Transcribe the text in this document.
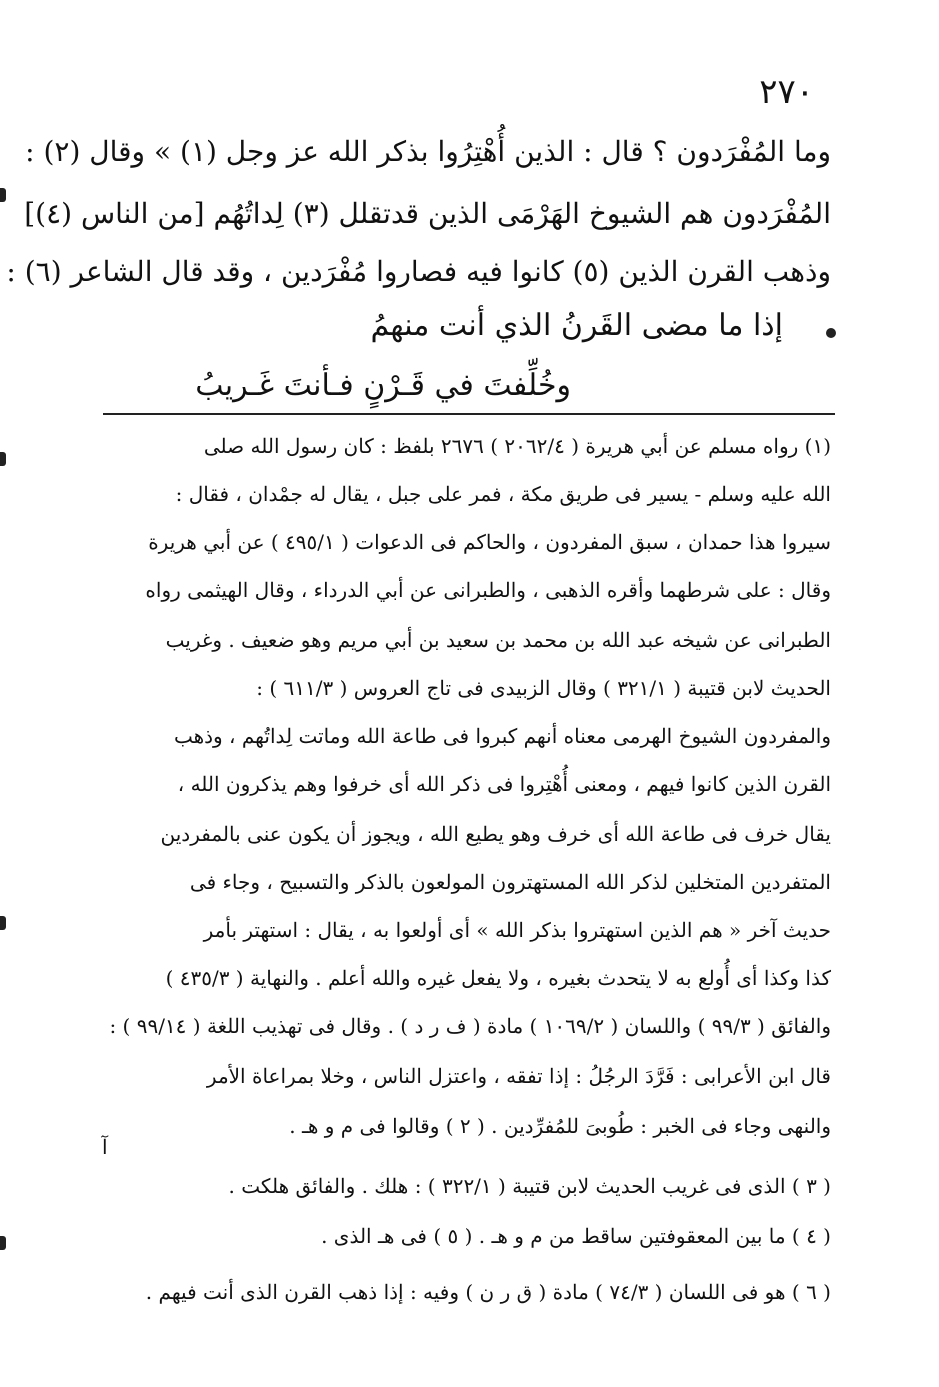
٢٧٠
وما المُفْرَدون ؟ قال : الذين أُهْتِرُوا بذكر الله عز وجل (١) » وقال (٢) :
المُفْرَدون هم الشيوخ الهَرْمَى الذين قدتقلل (٣) لِداتُهُم [من الناس (٤)]
وذهب القرن الذين (٥) كانوا فيه فصاروا مُفْرَدين ، وقد قال الشاعر (٦) :
إذا ما مضى القَرنُ الذي أنت منهمُ
وخُلِّفتَ في قَـرْنٍ فـأنتَ غَـريبُ
(١) رواه مسلم عن أبي هريرة ( ٢٠٦٢/٤ ) ٢٦٧٦ بلفظ : كان رسول الله صلى
الله عليه وسلم - يسير فى طريق مكة ، فمر على جبل ، يقال له جمْدان ، فقال :
سيروا هذا حمدان ، سبق المفردون ، والحاكم فى الدعوات ( ٤٩٥/١ ) عن أبي هريرة
وقال : على شرطهما وأقره الذهبى ، والطبرانى عن أبي الدرداء ، وقال الهيثمى رواه
الطبرانى عن شيخه عبد الله بن محمد بن سعيد بن أبي مريم وهو ضعيف . وغريب
الحديث لابن قتيبة ( ٣٢١/١ ) وقال الزبيدى فى تاج العروس ( ٦١١/٣ ) :
والمفردون الشيوخ الهرمى معناه أنهم كبروا فى طاعة الله وماتت لِداتُهم ، وذهب
القرن الذين كانوا فيهم ، ومعنى أُهْتِروا فى ذكر الله أى خرفوا وهم يذكرون الله ،
يقال خرف فى طاعة الله أى خرف وهو يطيع الله ، ويجوز أن يكون عنى بالمفردين
المتفردين المتخلين لذكر الله المستهترون المولعون بالذكر والتسبيح ، وجاء فى
حديث آخر « هم الذين استهتروا بذكر الله » أى أولعوا به ، يقال : استهتر بأمر
كذا وكذا أى أُولع به لا يتحدث بغيره ، ولا يفعل غيره والله أعلم . والنهاية ( ٤٣٥/٣ )
والفائق ( ٩٩/٣ ) واللسان ( ١٠٦٩/٢ ) مادة ( ف ر د ) . وقال فى تهذيب اللغة ( ٩٩/١٤ ) :
قال ابن الأعرابى : فَرَّدَ الرجُلُ : إذا تفقه ، واعتزل الناس ، وخلا بمراعاة الأمر
والنهى وجاء فى الخبر : طُوبىَ للمُفرِّدين . ( ٢ ) وقالوا فى م و هـ .
( ٣ ) الذى فى غريب الحديث لابن قتيبة ( ٣٢٢/١ ) : هلك . والفائق هلكت .
( ٤ ) ما بين المعقوفتين ساقط من م و هـ . ( ٥ ) فى هـ الذى .
( ٦ ) هو فى اللسان ( ٧٤/٣ ) مادة ( ق ر ن ) وفيه : إذا ذهب القرن الذى أنت فيهم .
آ
